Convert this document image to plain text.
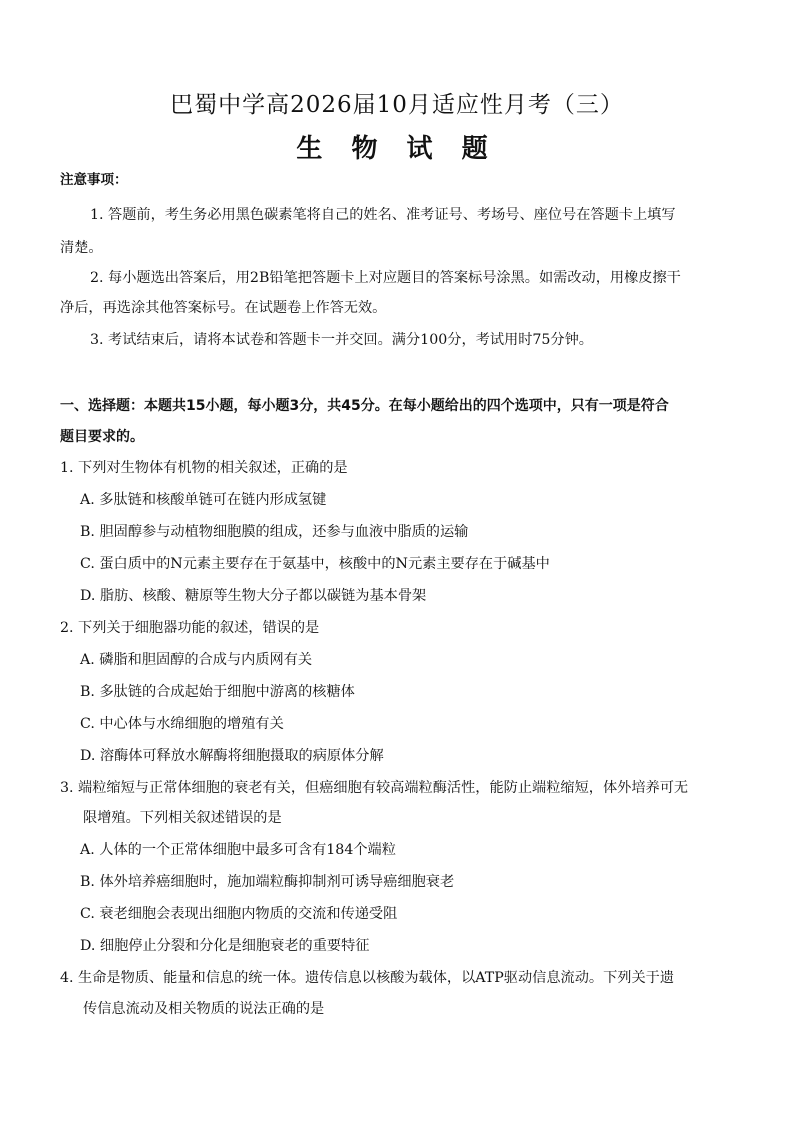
巴蜀中学高2026届10月适应性月考（三）
生 物 试 题
注意事项：
1. 答题前，考生务必用黑色碳素笔将自己的姓名、准考证号、考场号、座位号在答题卡上填写
清楚。
2. 每小题选出答案后，用2B铅笔把答题卡上对应题目的答案标号涂黑。如需改动，用橡皮擦干
净后，再选涂其他答案标号。在试题卷上作答无效。
3. 考试结束后，请将本试卷和答题卡一并交回。满分100分，考试用时75分钟。
一、选择题：本题共15小题，每小题3分，共45分。在每小题给出的四个选项中，只有一项是符合
题目要求的。
1. 下列对生物体有机物的相关叙述，正确的是
A. 多肽链和核酸单链可在链内形成氢键
B. 胆固醇参与动植物细胞膜的组成，还参与血液中脂质的运输
C. 蛋白质中的N元素主要存在于氨基中，核酸中的N元素主要存在于碱基中
D. 脂肪、核酸、糖原等生物大分子都以碳链为基本骨架
2. 下列关于细胞器功能的叙述，错误的是
A. 磷脂和胆固醇的合成与内质网有关
B. 多肽链的合成起始于细胞中游离的核糖体
C. 中心体与水绵细胞的增殖有关
D. 溶酶体可释放水解酶将细胞摄取的病原体分解
3. 端粒缩短与正常体细胞的衰老有关，但癌细胞有较高端粒酶活性，能防止端粒缩短，体外培养可无
限增殖。下列相关叙述错误的是
A. 人体的一个正常体细胞中最多可含有184个端粒
B. 体外培养癌细胞时，施加端粒酶抑制剂可诱导癌细胞衰老
C. 衰老细胞会表现出细胞内物质的交流和传递受阻
D. 细胞停止分裂和分化是细胞衰老的重要特征
4. 生命是物质、能量和信息的统一体。遗传信息以核酸为载体，以ATP驱动信息流动。下列关于遗
传信息流动及相关物质的说法正确的是
